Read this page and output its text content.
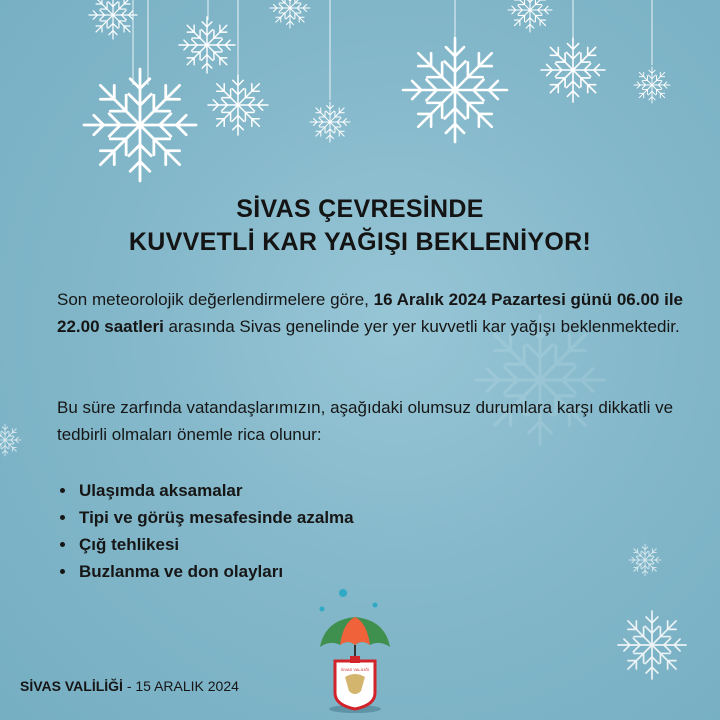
SİVAS ÇEVRESİNDE
KUVVETLİ KAR YAĞIŞI BEKLENİYOR!
Son meteorolojik değerlendirmelere göre, 16 Aralık 2024 Pazartesi günü 06.00 ile 22.00 saatleri arasında Sivas genelinde yer yer kuvvetli kar yağışı beklenmektedir.
Bu süre zarfında vatandaşlarımızın, aşağıdaki olumsuz durumlara karşı dikkatli ve tedbirli olmaları önemle rica olunur:
• Ulaşımda aksamalar
• Tipi ve görüş mesafesinde azalma
• Çığ tehlikesi
• Buzlanma ve don olayları
SİVAS VALİLİĞİ - 15 ARALIK 2024
SİVAS VALİLİĞİ
